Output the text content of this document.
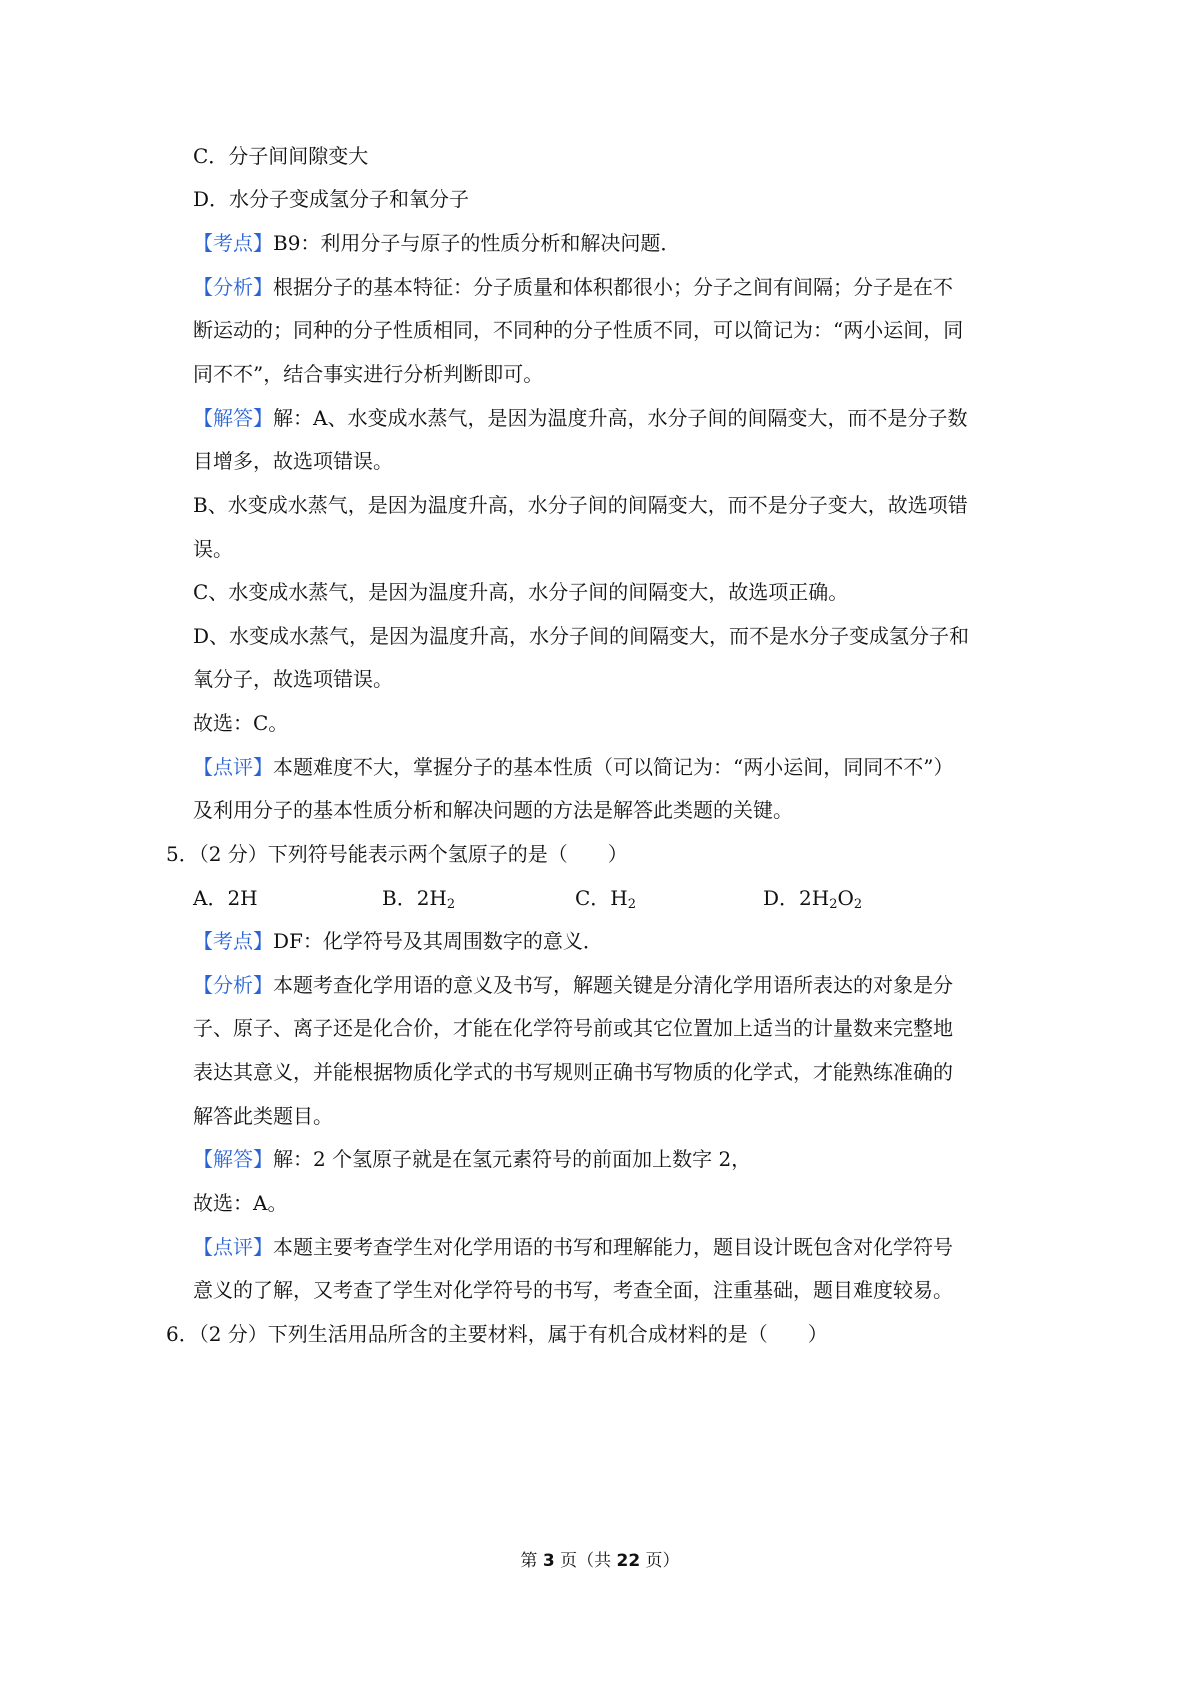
C．分子间间隙变大
D．水分子变成氢分子和氧分子
【考点】B9：利用分子与原子的性质分析和解决问题．
【分析】根据分子的基本特征：分子质量和体积都很小；分子之间有间隔；分子是在不
断运动的；同种的分子性质相同，不同种的分子性质不同，可以简记为：“两小运间，同
同不不”，结合事实进行分析判断即可。
【解答】解：A、水变成水蒸气，是因为温度升高，水分子间的间隔变大，而不是分子数
目增多，故选项错误。
B、水变成水蒸气，是因为温度升高，水分子间的间隔变大，而不是分子变大，故选项错
误。
C、水变成水蒸气，是因为温度升高，水分子间的间隔变大，故选项正确。
D、水变成水蒸气，是因为温度升高，水分子间的间隔变大，而不是水分子变成氢分子和
氧分子，故选项错误。
故选：C。
【点评】本题难度不大，掌握分子的基本性质（可以简记为：“两小运间，同同不不”）
及利用分子的基本性质分析和解决问题的方法是解答此类题的关键。
5．（2 分）下列符号能表示两个氢原子的是（　　）
A．2H	B．$2H_2$	C．$H_2$	D．$2H_2O_2$
【考点】DF：化学符号及其周围数字的意义．
【分析】本题考查化学用语的意义及书写，解题关键是分清化学用语所表达的对象是分
子、原子、离子还是化合价，才能在化学符号前或其它位置加上适当的计量数来完整地
表达其意义，并能根据物质化学式的书写规则正确书写物质的化学式，才能熟练准确的
解答此类题目。
【解答】解：2 个氢原子就是在氢元素符号的前面加上数字 2，
故选：A。
【点评】本题主要考查学生对化学用语的书写和理解能力，题目设计既包含对化学符号
意义的了解，又考查了学生对化学符号的书写，考查全面，注重基础，题目难度较易。
6．（2 分）下列生活用品所含的主要材料，属于有机合成材料的是（　　）
第 3 页（共 22 页）
